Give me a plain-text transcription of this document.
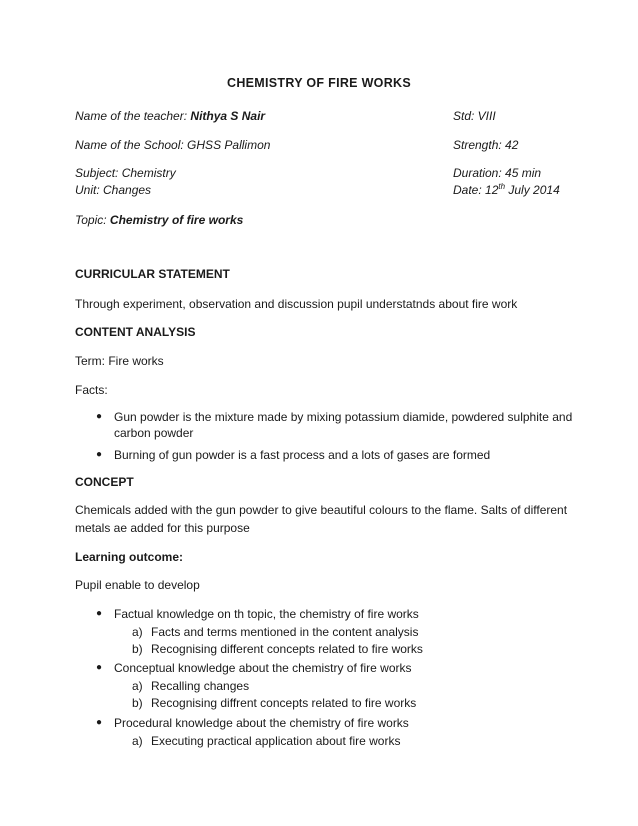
CHEMISTRY OF FIRE WORKS
Name of the teacher: Nithya S Nair	Std: VIII
Name of the School: GHSS Pallimon	Strength: 42
Subject: Chemistry	Duration: 45 min
Unit: Changes	Date: 12th July 2014
Topic: Chemistry of fire works
CURRICULAR STATEMENT
Through experiment, observation and discussion pupil understatnds about fire work
CONTENT ANALYSIS
Term: Fire works
Facts:
● Gun powder is the mixture made by mixing potassium diamide, powdered sulphite and
carbon powder
● Burning of gun powder is a fast process and a lots of gases are formed
CONCEPT
Chemicals added with the gun powder to give beautiful colours to the flame. Salts of different
metals ae added for this purpose
Learning outcome:
Pupil enable to develop
● Factual knowledge on th topic, the chemistry of fire works
a) Facts and terms mentioned in the content analysis
b) Recognising different concepts related to fire works
● Conceptual knowledge about the chemistry of fire works
a) Recalling changes
b) Recognising diffrent concepts related to fire works
● Procedural knowledge about the chemistry of fire works
a) Executing practical application about fire works
